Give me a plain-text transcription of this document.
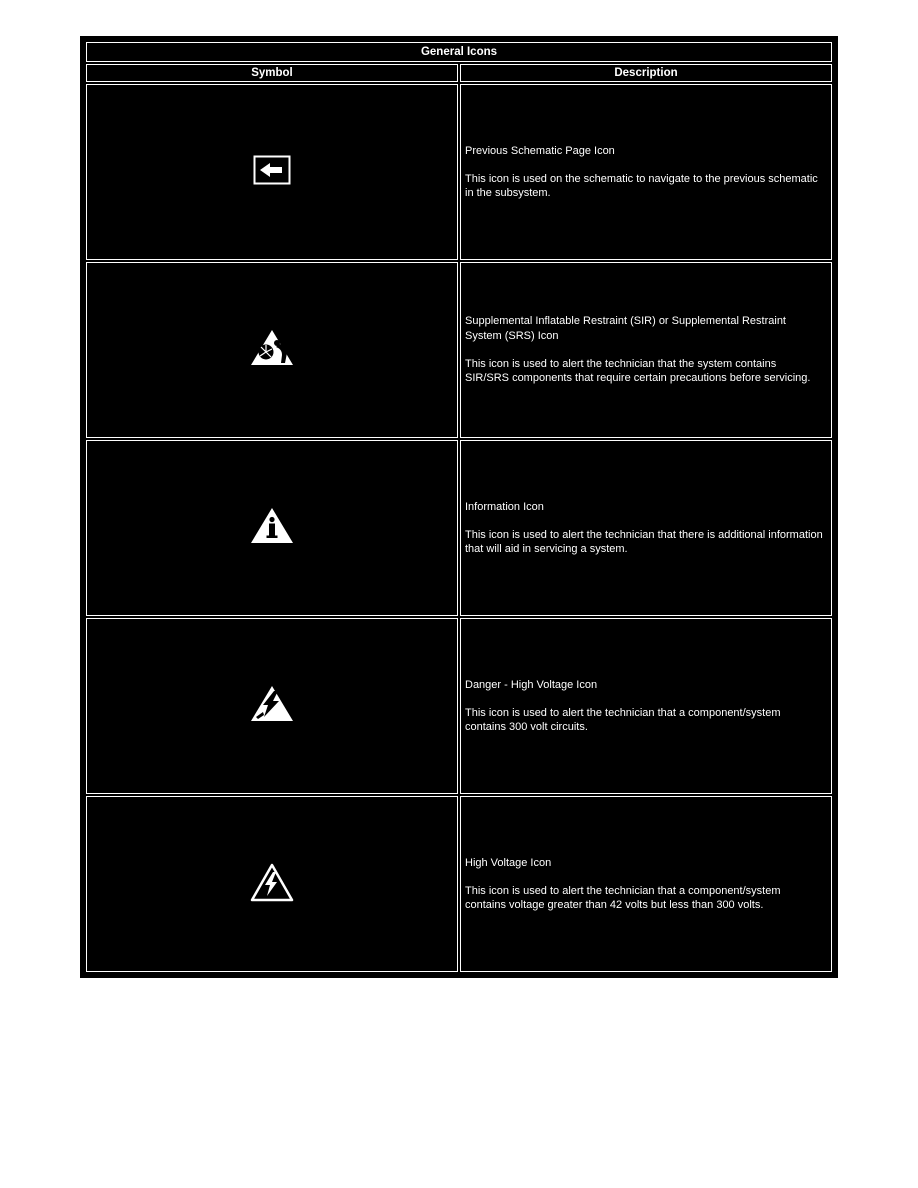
General Icons	
Symbol	Description

Previous Schematic Page Icon
This icon is used on the schematic to navigate to the previous schematic in the subsystem.

Supplemental Inflatable Restraint (SIR) or Supplemental Restraint System (SRS) Icon
This icon is used to alert the technician that the system contains SIR/SRS components that require certain precautions before servicing.

Information Icon
This icon is used to alert the technician that there is additional information that will aid in servicing a system.

Danger - High Voltage Icon
This icon is used to alert the technician that a component/system contains 300 volt circuits.

High Voltage Icon
This icon is used to alert the technician that a component/system contains voltage greater than 42 volts but less than 300 volts.
